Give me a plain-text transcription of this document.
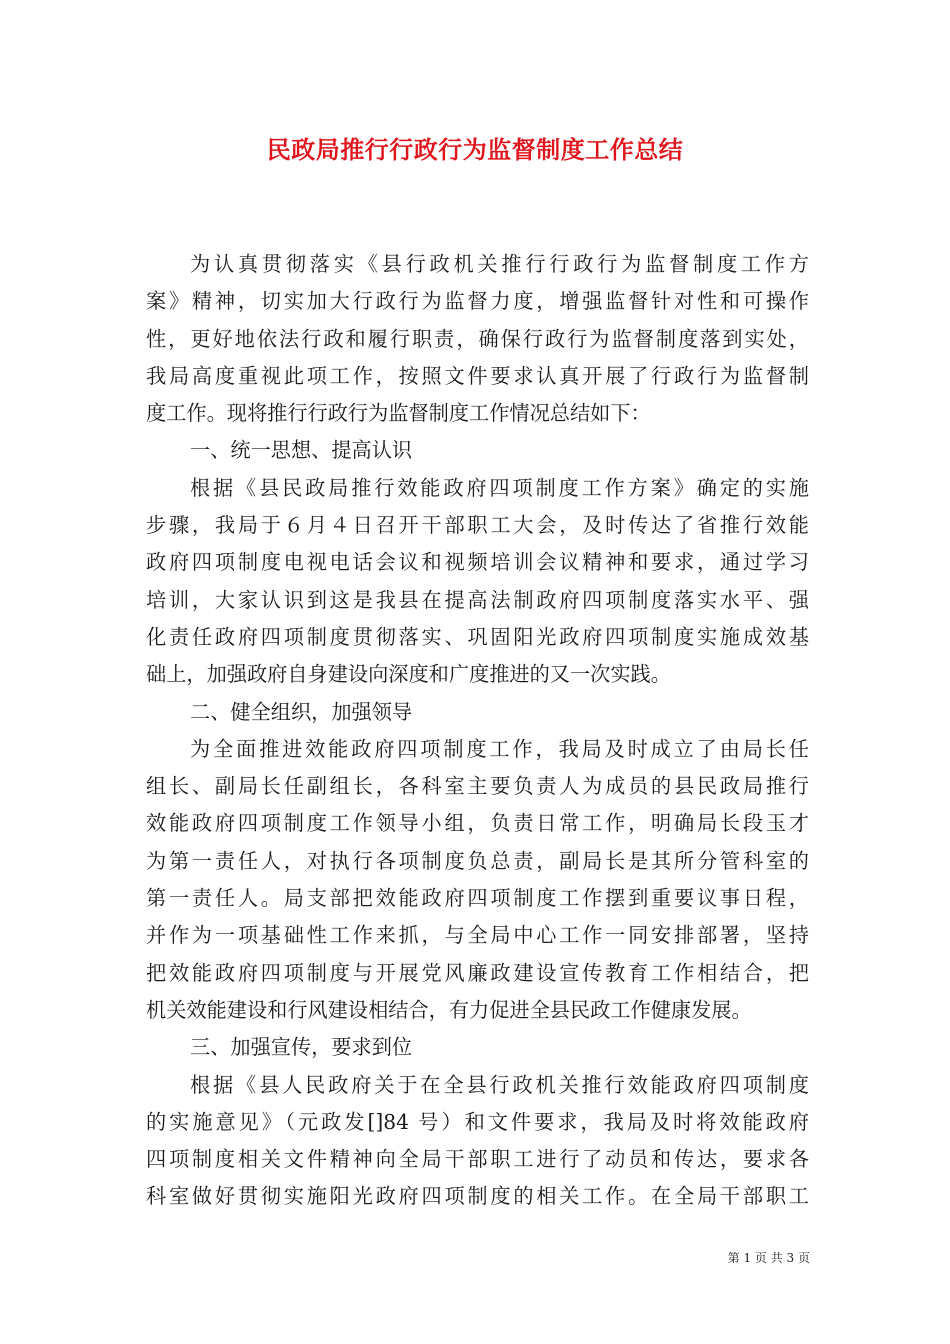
民政局推行行政行为监督制度工作总结
为认真贯彻落实《县行政机关推行行政行为监督制度工作方
案》精神，切实加大行政行为监督力度，增强监督针对性和可操作
性，更好地依法行政和履行职责，确保行政行为监督制度落到实处，
我局高度重视此项工作，按照文件要求认真开展了行政行为监督制
度工作。现将推行行政行为监督制度工作情况总结如下：
一、统一思想、提高认识
根据《县民政局推行效能政府四项制度工作方案》确定的实施
步骤，我局于６月４日召开干部职工大会，及时传达了省推行效能
政府四项制度电视电话会议和视频培训会议精神和要求，通过学习
培训，大家认识到这是我县在提高法制政府四项制度落实水平、强
化责任政府四项制度贯彻落实、巩固阳光政府四项制度实施成效基
础上，加强政府自身建设向深度和广度推进的又一次实践。
二、健全组织，加强领导
为全面推进效能政府四项制度工作，我局及时成立了由局长任
组长、副局长任副组长，各科室主要负责人为成员的县民政局推行
效能政府四项制度工作领导小组，负责日常工作，明确局长段玉才
为第一责任人，对执行各项制度负总责，副局长是其所分管科室的
第一责任人。局支部把效能政府四项制度工作摆到重要议事日程，
并作为一项基础性工作来抓，与全局中心工作一同安排部署，坚持
把效能政府四项制度与开展党风廉政建设宣传教育工作相结合，把
机关效能建设和行风建设相结合，有力促进全县民政工作健康发展。
三、加强宣传，要求到位
根据《县人民政府关于在全县行政机关推行效能政府四项制度
的实施意见》（元政发[]84 号）和文件要求，我局及时将效能政府
四项制度相关文件精神向全局干部职工进行了动员和传达，要求各
科室做好贯彻实施阳光政府四项制度的相关工作。在全局干部职工
第 1 页 共 3 页
